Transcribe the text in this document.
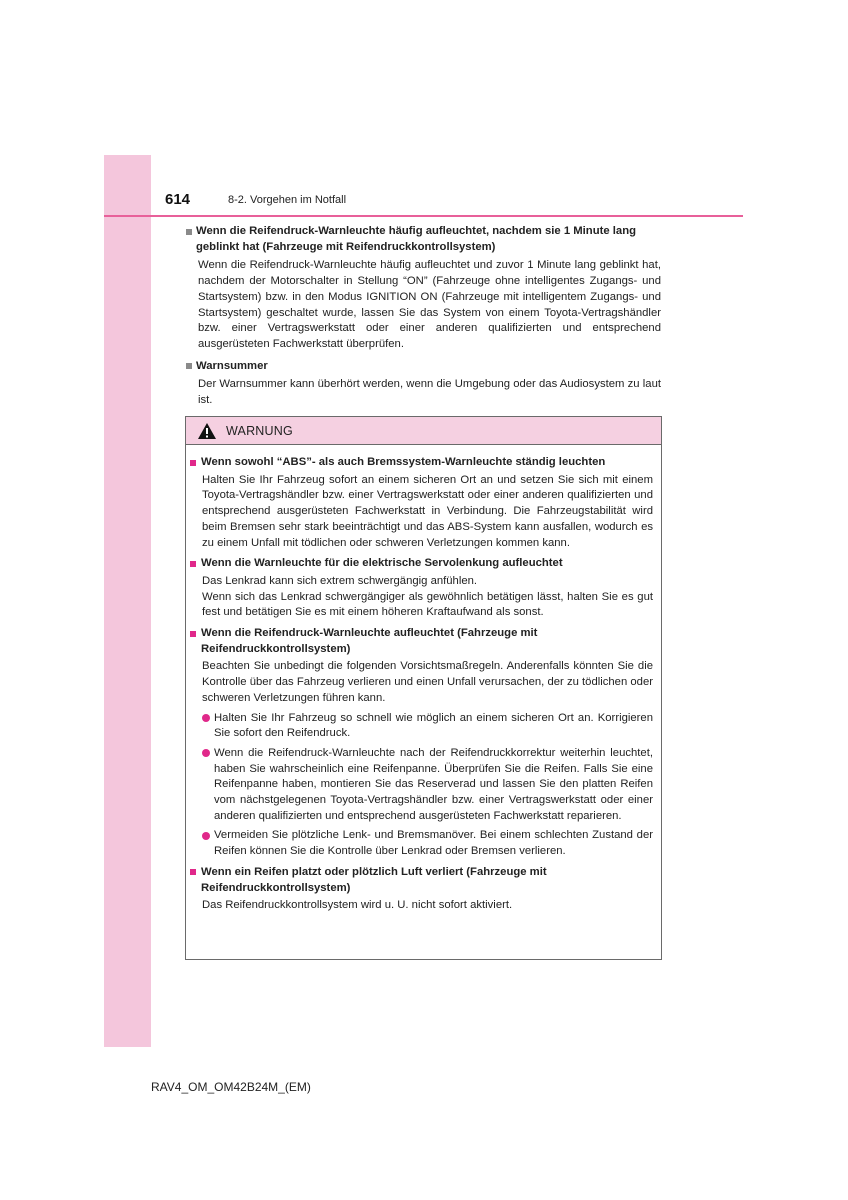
614	8-2. Vorgehen im Notfall
Wenn die Reifendruck-Warnleuchte häufig aufleuchtet, nachdem sie 1 Minute lang geblinkt hat (Fahrzeuge mit Reifendruckkontrollsystem)
Wenn die Reifendruck-Warnleuchte häufig aufleuchtet und zuvor 1 Minute lang geblinkt hat, nachdem der Motorschalter in Stellung “ON” (Fahrzeuge ohne intelligentes Zugangs- und Startsystem) bzw. in den Modus IGNITION ON (Fahrzeuge mit intelligentem Zugangs- und Startsystem) geschaltet wurde, lassen Sie das System von einem Toyota-Vertragshändler bzw. einer Vertragswerkstatt oder einer anderen qualifizierten und entsprechend ausgerüsteten Fachwerkstatt überprüfen.
Warnsummer
Der Warnsummer kann überhört werden, wenn die Umgebung oder das Audiosystem zu laut ist.
WARNUNG
Wenn sowohl “ABS”- als auch Bremssystem-Warnleuchte ständig leuchten
Halten Sie Ihr Fahrzeug sofort an einem sicheren Ort an und setzen Sie sich mit einem Toyota-Vertragshändler bzw. einer Vertragswerkstatt oder einer anderen qualifizierten und entsprechend ausgerüsteten Fachwerkstatt in Verbindung. Die Fahrzeugstabilität wird beim Bremsen sehr stark beeinträchtigt und das ABS-System kann ausfallen, wodurch es zu einem Unfall mit tödlichen oder schweren Verletzungen kommen kann.
Wenn die Warnleuchte für die elektrische Servolenkung aufleuchtet
Das Lenkrad kann sich extrem schwergängig anfühlen.
Wenn sich das Lenkrad schwergängiger als gewöhnlich betätigen lässt, halten Sie es gut fest und betätigen Sie es mit einem höheren Kraftaufwand als sonst.
Wenn die Reifendruck-Warnleuchte aufleuchtet (Fahrzeuge mit Reifendruckkontrollsystem)
Beachten Sie unbedingt die folgenden Vorsichtsmaßregeln. Anderenfalls könnten Sie die Kontrolle über das Fahrzeug verlieren und einen Unfall verursachen, der zu tödlichen oder schweren Verletzungen führen kann.
Halten Sie Ihr Fahrzeug so schnell wie möglich an einem sicheren Ort an. Korrigieren Sie sofort den Reifendruck.
Wenn die Reifendruck-Warnleuchte nach der Reifendruckkorrektur weiterhin leuchtet, haben Sie wahrscheinlich eine Reifenpanne. Überprüfen Sie die Reifen. Falls Sie eine Reifenpanne haben, montieren Sie das Reserverad und lassen Sie den platten Reifen vom nächstgelegenen Toyota-Vertragshändler bzw. einer Vertragswerkstatt oder einer anderen qualifizierten und entsprechend ausgerüsteten Fachwerkstatt reparieren.
Vermeiden Sie plötzliche Lenk- und Bremsmanöver. Bei einem schlechten Zustand der Reifen können Sie die Kontrolle über Lenkrad oder Bremsen verlieren.
Wenn ein Reifen platzt oder plötzlich Luft verliert (Fahrzeuge mit Reifendruckkontrollsystem)
Das Reifendruckkontrollsystem wird u. U. nicht sofort aktiviert.
RAV4_OM_OM42B24M_(EM)
